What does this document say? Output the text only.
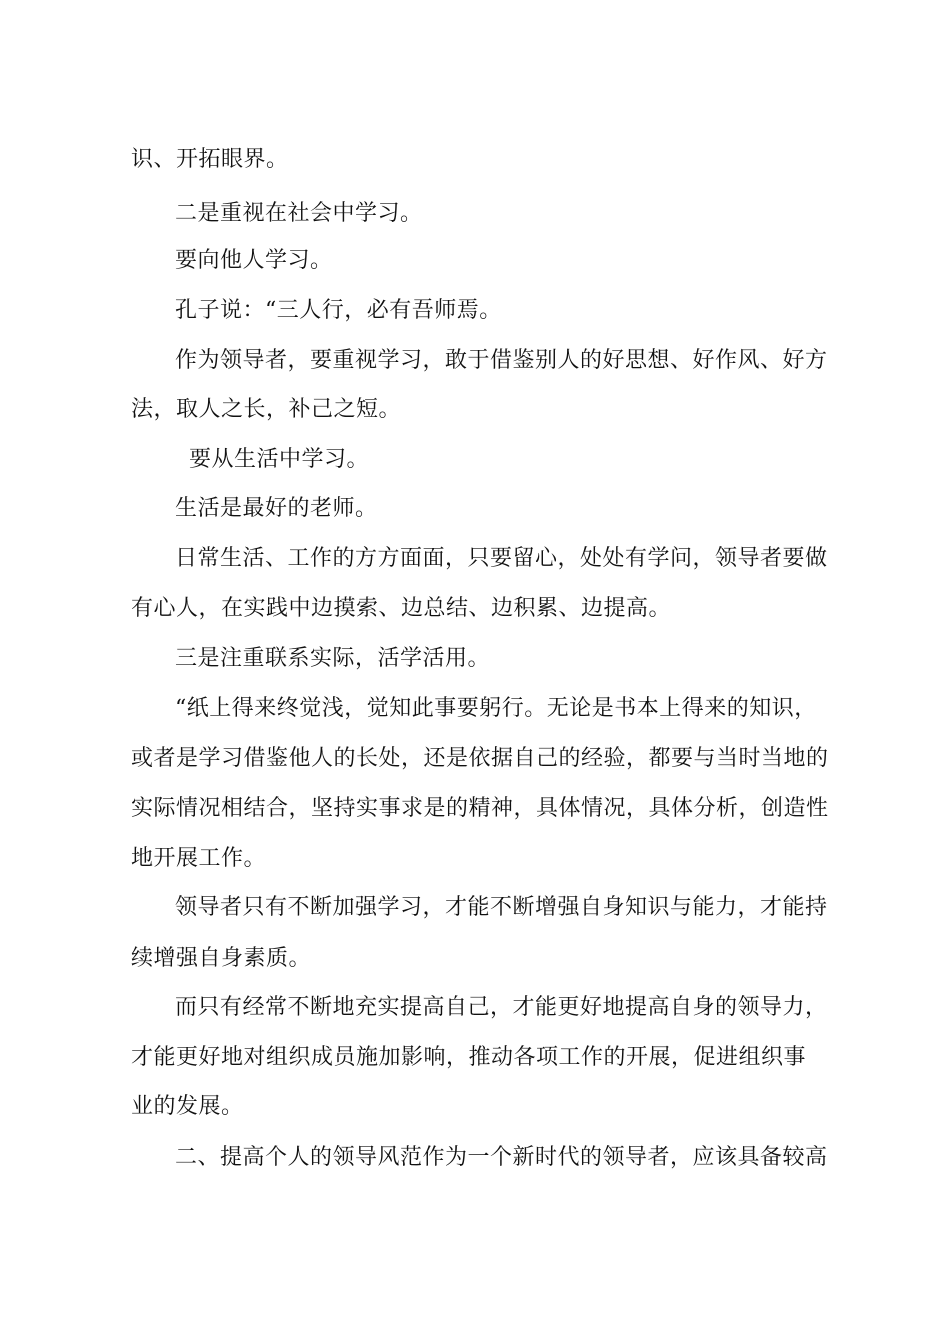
识、开拓眼界。
二是重视在社会中学习。
要向他人学习。
孔子说：“三人行，必有吾师焉。
作为领导者，要重视学习，敢于借鉴别人的好思想、好作风、好方
法，取人之长，补己之短。
要从生活中学习。
生活是最好的老师。
日常生活、工作的方方面面，只要留心，处处有学问，领导者要做
有心人，在实践中边摸索、边总结、边积累、边提高。
三是注重联系实际，活学活用。
“纸上得来终觉浅，觉知此事要躬行。无论是书本上得来的知识，
或者是学习借鉴他人的长处，还是依据自己的经验，都要与当时当地的
实际情况相结合，坚持实事求是的精神，具体情况，具体分析，创造性
地开展工作。
领导者只有不断加强学习，才能不断增强自身知识与能力，才能持
续增强自身素质。
而只有经常不断地充实提高自己，才能更好地提高自身的领导力，
才能更好地对组织成员施加影响，推动各项工作的开展，促进组织事
业的发展。
二、提高个人的领导风范作为一个新时代的领导者，应该具备较高
